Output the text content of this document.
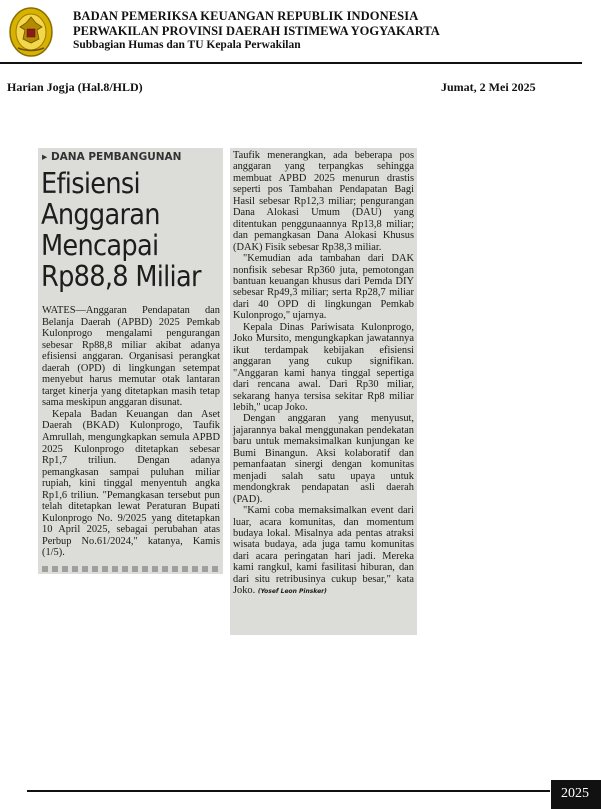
BADAN PEMERIKSA KEUANGAN REPUBLIK INDONESIA
PERWAKILAN PROVINSI DAERAH ISTIMEWA YOGYAKARTA
Subbagian Humas dan TU Kepala Perwakilan
Harian Jogja (Hal.8/HLD)	Jumat, 2 Mei 2025
▸ DANA PEMBANGUNAN
Efisiensi
Anggaran
Mencapai
Rp88,8 Miliar

WATES—Anggaran Pendapatan dan Belanja Daerah (APBD) 2025 Pemkab Kulonprogo mengalami pengurangan sebesar Rp88,8 miliar akibat adanya efisiensi anggaran. Organisasi perangkat daerah (OPD) di lingkungan setempat menyebut harus memutar otak lantaran target kinerja yang ditetapkan masih tetap sama meskipun anggaran disunat.

Kepala Badan Keuangan dan Aset Daerah (BKAD) Kulonprogo, Taufik Amrullah, mengungkapkan semula APBD 2025 Kulonprogo ditetapkan sebesar Rp1,7 triliun. Dengan adanya pemangkasan sampai puluhan miliar rupiah, kini tinggal menyentuh angka Rp1,6 triliun. "Pemangkasan tersebut pun telah ditetapkan lewat Peraturan Bupati Kulonprogo No. 9/2025 yang ditetapkan 10 April 2025, sebagai perubahan atas Perbup No.61/2024," katanya, Kamis (1/5).

Taufik menerangkan, ada beberapa pos anggaran yang terpangkas sehingga membuat APBD 2025 menurun drastis seperti pos Tambahan Pendapatan Bagi Hasil sebesar Rp12,3 miliar; pengurangan Dana Alokasi Umum (DAU) yang ditentukan penggunaannya Rp13,8 miliar; dan pemangkasan Dana Alokasi Khusus (DAK) Fisik sebesar Rp38,3 miliar.

"Kemudian ada tambahan dari DAK nonfisik sebesar Rp360 juta, pemotongan bantuan keuangan khusus dari Pemda DIY sebesar Rp49,3 miliar; serta Rp28,7 miliar dari 40 OPD di lingkungan Pemkab Kulonprogo," ujarnya.

Kepala Dinas Pariwisata Kulonprogo, Joko Mursito, mengungkapkan jawatannya ikut terdampak kebijakan efisiensi anggaran yang cukup signifikan. "Anggaran kami hanya tinggal sepertiga dari rencana awal. Dari Rp30 miliar, sekarang hanya tersisa sekitar Rp8 miliar lebih," ucap Joko.

Dengan anggaran yang menyusut, jajarannya bakal menggunakan pendekatan baru untuk memaksimalkan kunjungan ke Bumi Binangun. Aksi kolaboratif dan pemanfaatan sinergi dengan komunitas menjadi salah satu upaya untuk mendongkrak pendapatan asli daerah (PAD).

"Kami coba memaksimalkan event dari luar, acara komunitas, dan momentum budaya lokal. Misalnya ada pentas atraksi wisata budaya, ada juga tamu komunitas dari acara peringatan hari jadi. Mereka kami rangkul, kami fasilitasi hiburan, dan dari situ retribusinya cukup besar," kata Joko. (Yosef Leon Pinsker)

2025
